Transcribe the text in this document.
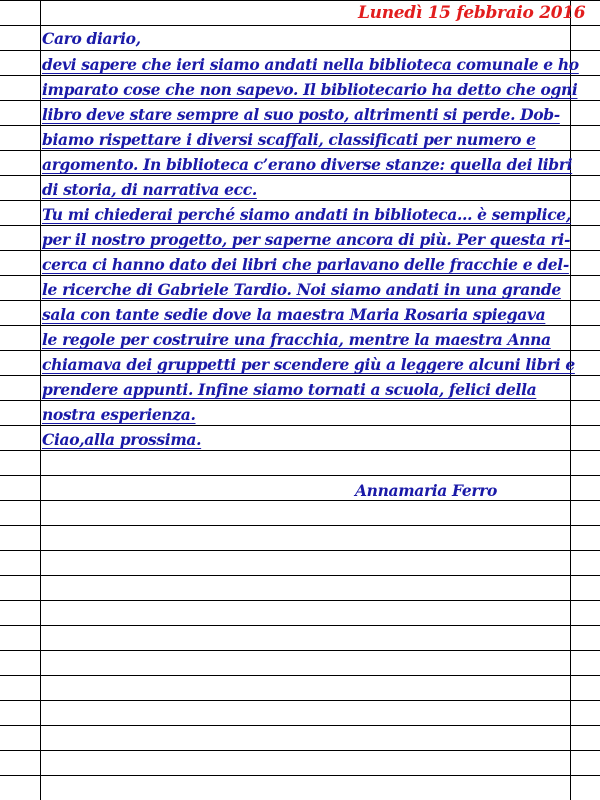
Lunedì 15 febbraio 2016
Caro diario,
devi sapere che ieri siamo andati nella biblioteca comunale e ho
imparato cose che non sapevo. Il bibliotecario ha detto che ogni
libro deve stare sempre al suo posto, altrimenti si perde. Dob-
biamo rispettare i diversi scaffali, classificati per numero e
argomento. In biblioteca c’erano diverse stanze: quella dei libri
di storia, di narrativa ecc.
Tu mi chiederai perché siamo andati in biblioteca… è semplice,
per il nostro progetto, per saperne ancora di più. Per questa ri-
cerca ci hanno dato dei libri che parlavano delle fracchie e del-
le ricerche di Gabriele Tardio. Noi siamo andati in una grande
sala con tante sedie dove la maestra Maria Rosaria spiegava
le regole per costruire una fracchia, mentre la maestra Anna
chiamava dei gruppetti per scendere giù a leggere alcuni libri e
prendere appunti. Infine siamo tornati a scuola, felici della
nostra esperienza.
Ciao,alla prossima.
Annamaria Ferro
